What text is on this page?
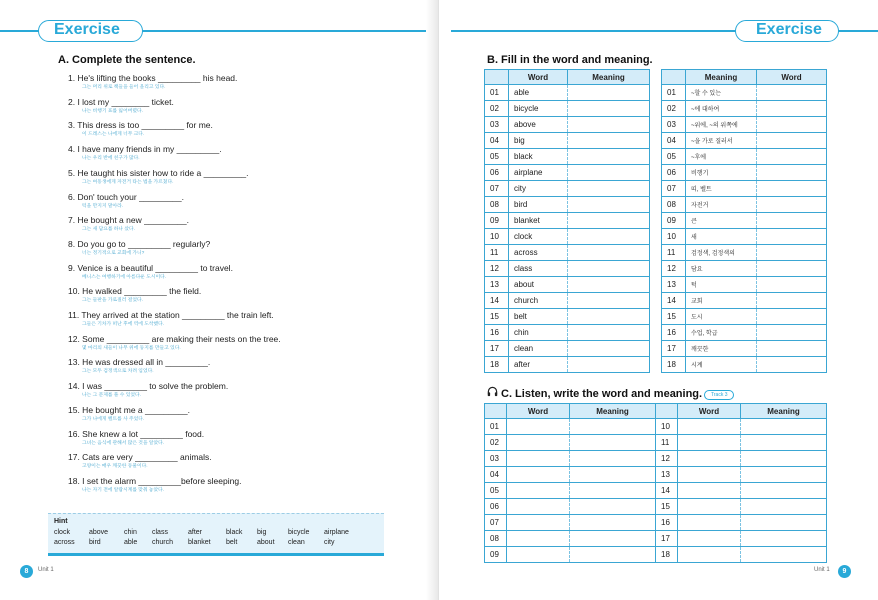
Exercise
A. Complete the sentence.
1. He's lifting the books _________ his head.
그는 머리 위로 책들을 들어 올리고 있다.
2. I lost my ________ ticket.
나는 비행기 표를 잃어버렸다.
3. This dress is too _________ for me.
이 드레스는 나에게 너무 크다.
4. I have many friends in my _________.
나는 우리 반에 친구가 많다.
5. He taught his sister how to ride a _________.
그는 여동생에게 자전거 타는 법을 가르쳤다.
6. Don' touch your _________.
턱을 만지지 말아라.
7. He bought a new _________.
그는 새 담요를 하나 샀다.
8. Do you go to _________ regularly?
너는 정기적으로 교회에 가니?
9. Venice is a beautiful _________ to travel.
베니스는 여행하기에 아름다운 도시이다.
10. He walked _________ the field.
그는 들판을 가로질러 걸었다.
11. They arrived at the station _________ the train left.
그들은 기차가 떠난 후에 역에 도착했다.
12. Some _________ are making their nests on the tree.
몇 마리의 새들이 나무 위에 둥지를 만들고 있다.
13. He was dressed all in _________.
그는 모두 검정색으로 차려 입었다.
14. I was _________ to solve the problem.
나는 그 문제를 풀 수 있었다.
15. He bought me a _________.
그가 나에게 벨트를 사 주었다.
16. She knew a lot _________ food.
그녀는 음식에 관해서 많은 것을 알았다.
17. Cats are very _________ animals.
고양이는 매우 깨끗한 동물이다.
18. I set the alarm _________before sleeping.
나는 자기 전에 알람시계를 맞춰 놓았다.
Hint
clock	above chin class	after	black big	bicycle airplane
across bird	able church blanket belt	about clean	city
8	Unit 1
Exercise
9
Unit 1
B. Fill in the word and meaning.
	Word	Meaning
01	able	
02	bicycle	
03	above	
04	big	
05	black	
06	airplane	
07	city	
08	bird	
09	blanket	
10	clock	
11	across	
12	class	
13	about	
14	church	
15	belt	
16	chin	
17	clean	
18	after	
	Meaning	Word
01	~할 수 있는	
02	~에 대하여	
03	~위에, ~의 위쪽에	
04	~을 가로 질러서	
05	~후에	
06	비행기	
07	띠, 벨트	
08	자전거	
09	큰	
10	새	
11	검정색, 검정색의	
12	담요	
13	턱	
14	교회	
15	도시	
16	수업, 학급	
17	깨끗한	
18	시계	
C. Listen, write the word and meaning.	Track 3
	Word	Meaning		Word	Meaning
01			10		
02			11		
03			12		
04			13		
05			14		
06			15		
07			16		
08			17		
09			18		
